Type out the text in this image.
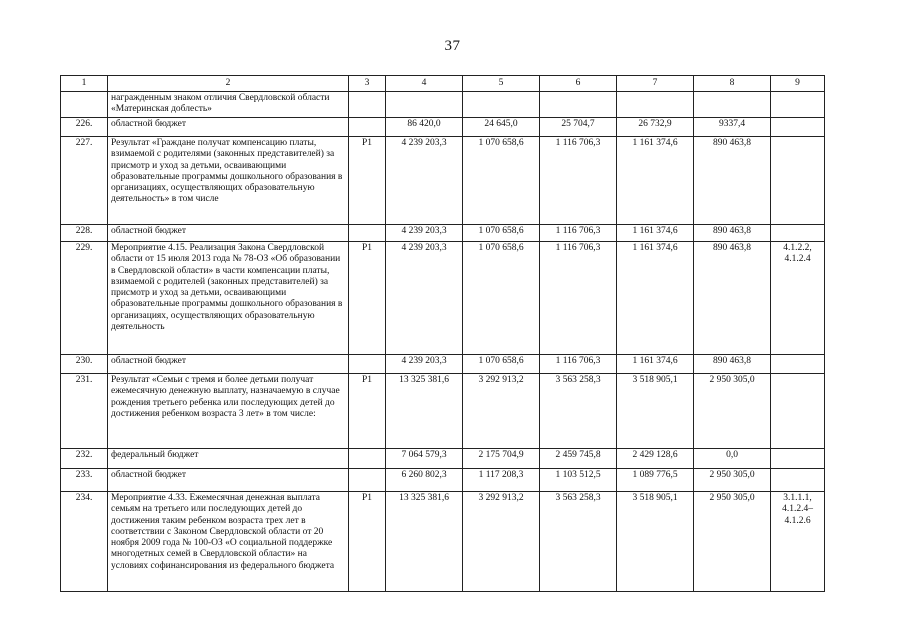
37
1	2	3	4	5	6	7	8	9
	награжденным знаком отличия Свердловской области «Материнская доблесть»							
226.	областной бюджет		86 420,0	24 645,0	25 704,7	26 732,9	9337,4	
227.	Результат «Граждане получат компенсацию платы, взимаемой с родителями (законных представителей) за присмотр и уход за детьми, осваивающими образовательные программы дошкольного образования в организациях, осуществляющих образовательную деятельность» в том числе	Р1	4 239 203,3	1 070 658,6	1 116 706,3	1 161 374,6	890 463,8	
228.	областной бюджет		4 239 203,3	1 070 658,6	1 116 706,3	1 161 374,6	890 463,8	
229.	Мероприятие 4.15. Реализация Закона Свердловской области от 15 июля 2013 года № 78-ОЗ «Об образовании в Свердловской области» в части компенсации платы, взимаемой с родителей (законных представителей) за присмотр и уход за детьми, осваивающими образовательные программы дошкольного образования в организациях, осуществляющих образовательную деятельность	Р1	4 239 203,3	1 070 658,6	1 116 706,3	1 161 374,6	890 463,8	4.1.2.2, 4.1.2.4
230.	областной бюджет		4 239 203,3	1 070 658,6	1 116 706,3	1 161 374,6	890 463,8	
231.	Результат «Семьи с тремя и более детьми получат ежемесячную денежную выплату, назначаемую в случае рождения третьего ребенка или последующих детей до достижения ребенком возраста 3 лет» в том числе:	Р1	13 325 381,6	3 292 913,2	3 563 258,3	3 518 905,1	2 950 305,0	
232.	федеральный бюджет		7 064 579,3	2 175 704,9	2 459 745,8	2 429 128,6	0,0	
233.	областной бюджет		6 260 802,3	1 117 208,3	1 103 512,5	1 089 776,5	2 950 305,0	
234.	Мероприятие 4.33. Ежемесячная денежная выплата семьям на третьего или последующих детей до достижения таким ребенком возраста трех лет в соответствии с Законом Свердловской области от 20 ноября 2009 года № 100-ОЗ «О социальной поддержке многодетных семей в Свердловской области» на условиях софинансирования из федерального бюджета	Р1	13 325 381,6	3 292 913,2	3 563 258,3	3 518 905,1	2 950 305,0	3.1.1.1, 4.1.2.4–4.1.2.6
